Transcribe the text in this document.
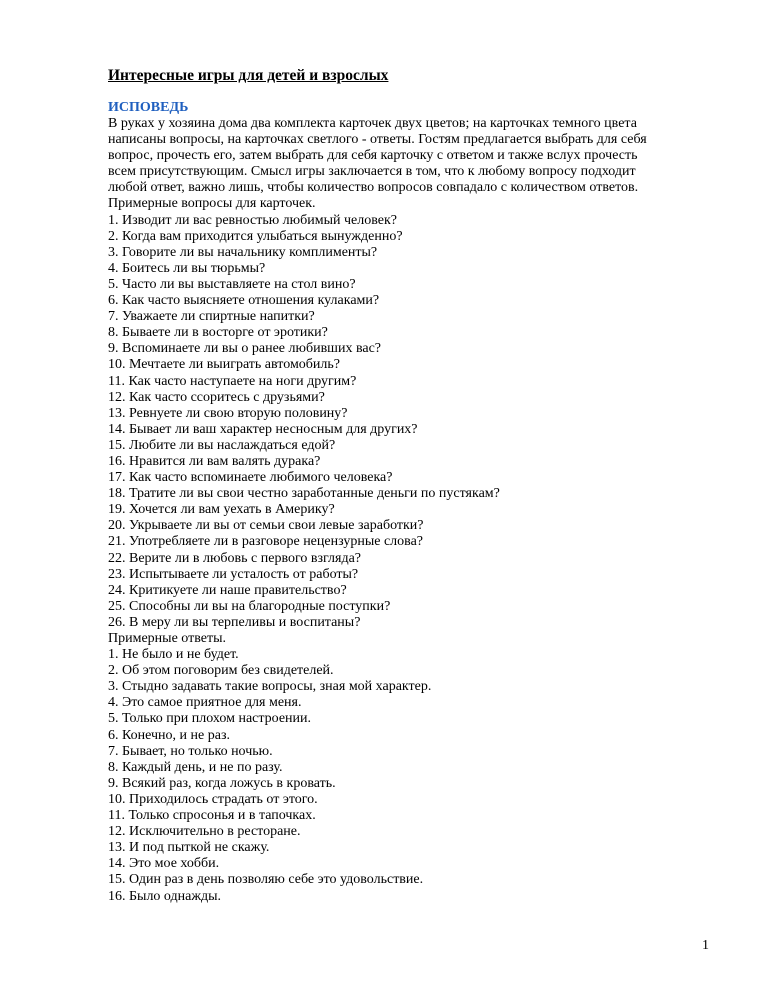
Интересные игры для детей и взрослых
ИСПОВЕДЬ
В руках у хозяина дома два комплекта карточек двух цветов; на карточках темного цвета
написаны вопросы, на карточках светлого - ответы. Гостям предлагается выбрать для себя
вопрос, прочесть его, затем выбрать для себя карточку с ответом и также вслух прочесть
всем присутствующим. Смысл игры заключается в том, что к любому вопросу подходит
любой ответ, важно лишь, чтобы количество вопросов совпадало с количеством ответов.
Примерные вопросы для карточек.
1. Изводит ли вас ревностью любимый человек?
2. Когда вам приходится улыбаться вынужденно?
3. Говорите ли вы начальнику комплименты?
4. Боитесь ли вы тюрьмы?
5. Часто ли вы выставляете на стол вино?
6. Как часто выясняете отношения кулаками?
7. Уважаете ли спиртные напитки?
8. Бываете ли в восторге от эротики?
9. Вспоминаете ли вы о ранее любивших вас?
10. Мечтаете ли выиграть автомобиль?
11. Как часто наступаете на ноги другим?
12. Как часто ссоритесь с друзьями?
13. Ревнуете ли свою вторую половину?
14. Бывает ли ваш характер несносным для других?
15. Любите ли вы наслаждаться едой?
16. Нравится ли вам валять дурака?
17. Как часто вспоминаете любимого человека?
18. Тратите ли вы свои честно заработанные деньги по пустякам?
19. Хочется ли вам уехать в Америку?
20. Укрываете ли вы от семьи свои левые заработки?
21. Употребляете ли в разговоре нецензурные слова?
22. Верите ли в любовь с первого взгляда?
23. Испытываете ли усталость от работы?
24. Критикуете ли наше правительство?
25. Способны ли вы на благородные поступки?
26. В меру ли вы терпеливы и воспитаны?
Примерные ответы.
1. Не было и не будет.
2. Об этом поговорим без свидетелей.
3. Стыдно задавать такие вопросы, зная мой характер.
4. Это самое приятное для меня.
5. Только при плохом настроении.
6. Конечно, и не раз.
7. Бывает, но только ночью.
8. Каждый день, и не по разу.
9. Всякий раз, когда ложусь в кровать.
10. Приходилось страдать от этого.
11. Только спросонья и в тапочках.
12. Исключительно в ресторане.
13. И под пыткой не скажу.
14. Это мое хобби.
15. Один раз в день позволяю себе это удовольствие.
16. Было однажды.
1
